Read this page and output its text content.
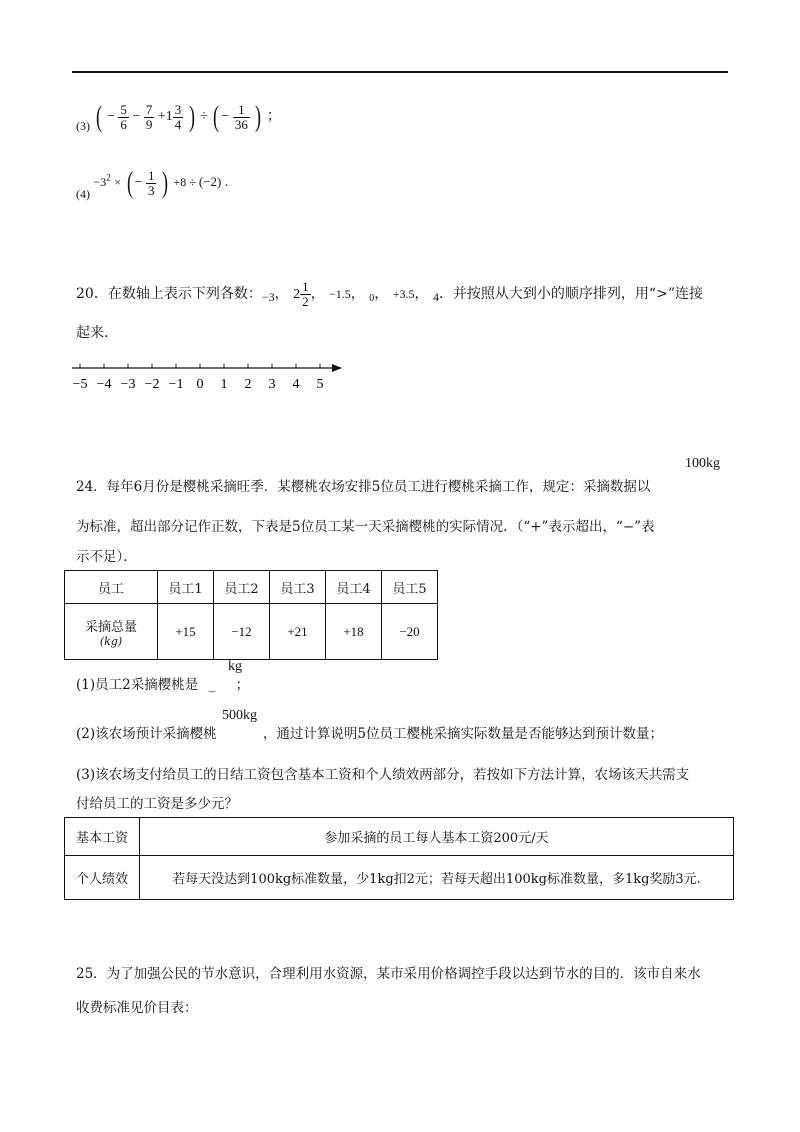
(3) ( − $\frac{5}{6} - \frac{7}{9} +1 \frac{3}{4}$ ) ÷ ( − $\frac{1}{36}$ ) ；
$(4) -3^2$ × ( − $\frac{1}{3}$ ) +8 ÷ (−2) .
20．在数轴上表示下列各数：−3， $2 \frac{1}{2}$ ， −1.5， $_0$， +3.5， 4．并按照从大到小的顺序排列，用“>”连接
起来．
−5 −4 −3 −2 −1 0 1 2 3 4 5
100kg
24．每年6月份是樱桃采摘旺季．某樱桃农场安排5位员工进行樱桃采摘工作，规定：采摘数据以
为标准，超出部分记作正数，下表是5位员工某一天采摘樱桃的实际情况．（“+”表示超出，“−”表
示不足）．
员工	员工1	员工2	员工3	员工4	员工5

采摘总量
(kg)	+15	−12	+21	+18	−20
(1)员工2采摘樱桃是 _ ；
kg
500kg
(2)该农场预计采摘樱桃	，通过计算说明5位员工樱桃采摘实际数量是否能够达到预计数量；
(3)该农场支付给员工的日结工资包含基本工资和个人绩效两部分，若按如下方法计算，农场该天共需支
付给员工的工资是多少元？
基本工资	参加采摘的员工每人基本工资200元/天
个人绩效	若每天没达到100kg标准数量，少1kg扣2元；若每天超出100kg标准数量，多1kg奖励3元.
25．为了加强公民的节水意识，合理利用水资源，某市采用价格调控手段以达到节水的目的．该市自来水
收费标准见价目表：
